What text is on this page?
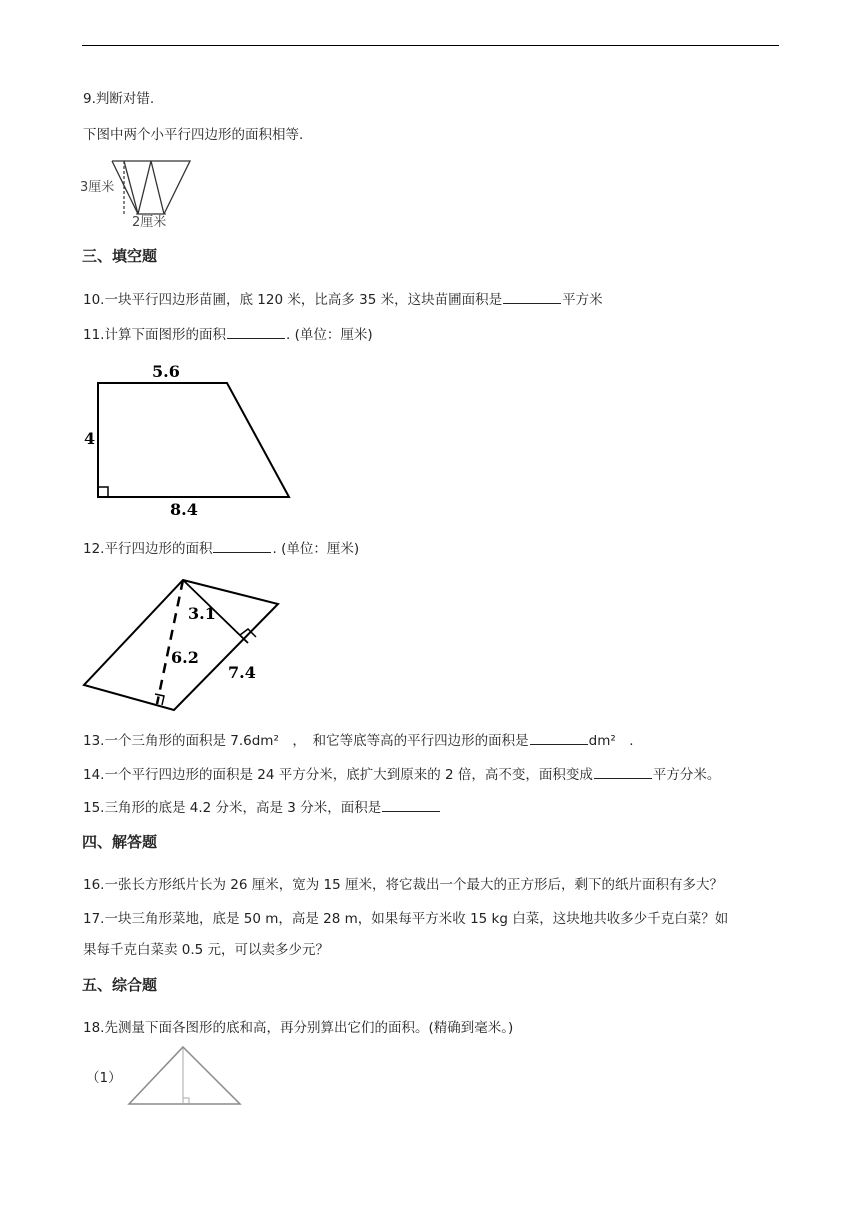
9.判断对错.
下图中两个小平行四边形的面积相等.
3厘米
2厘米
三、填空题
10.一块平行四边形苗圃，底 120 米，比高多 35 米，这块苗圃面积是	平方米
11.计算下面图形的面积	. (单位：厘米)
5.6
4
8.4
12.平行四边形的面积	. (单位：厘米)
3.1
6.2
7.4
13.一个三角形的面积是 7.6dm²　，　和它等底等高的平行四边形的面积是	dm²　.
14.一个平行四边形的面积是 24 平方分米，底扩大到原来的 2 倍，高不变，面积变成	平方分米。
15.三角形的底是 4.2 分米，高是 3 分米，面积是
四、解答题
16.一张长方形纸片长为 26 厘米，宽为 15 厘米，将它裁出一个最大的正方形后，剩下的纸片面积有多大？
17.一块三角形菜地，底是 50 m，高是 28 m，如果每平方米收 15 kg 白菜，这块地共收多少千克白菜？如
果每千克白菜卖 0.5 元，可以卖多少元？
五、综合题
18.先测量下面各图形的底和高，再分别算出它们的面积。(精确到毫米。)
（1）
